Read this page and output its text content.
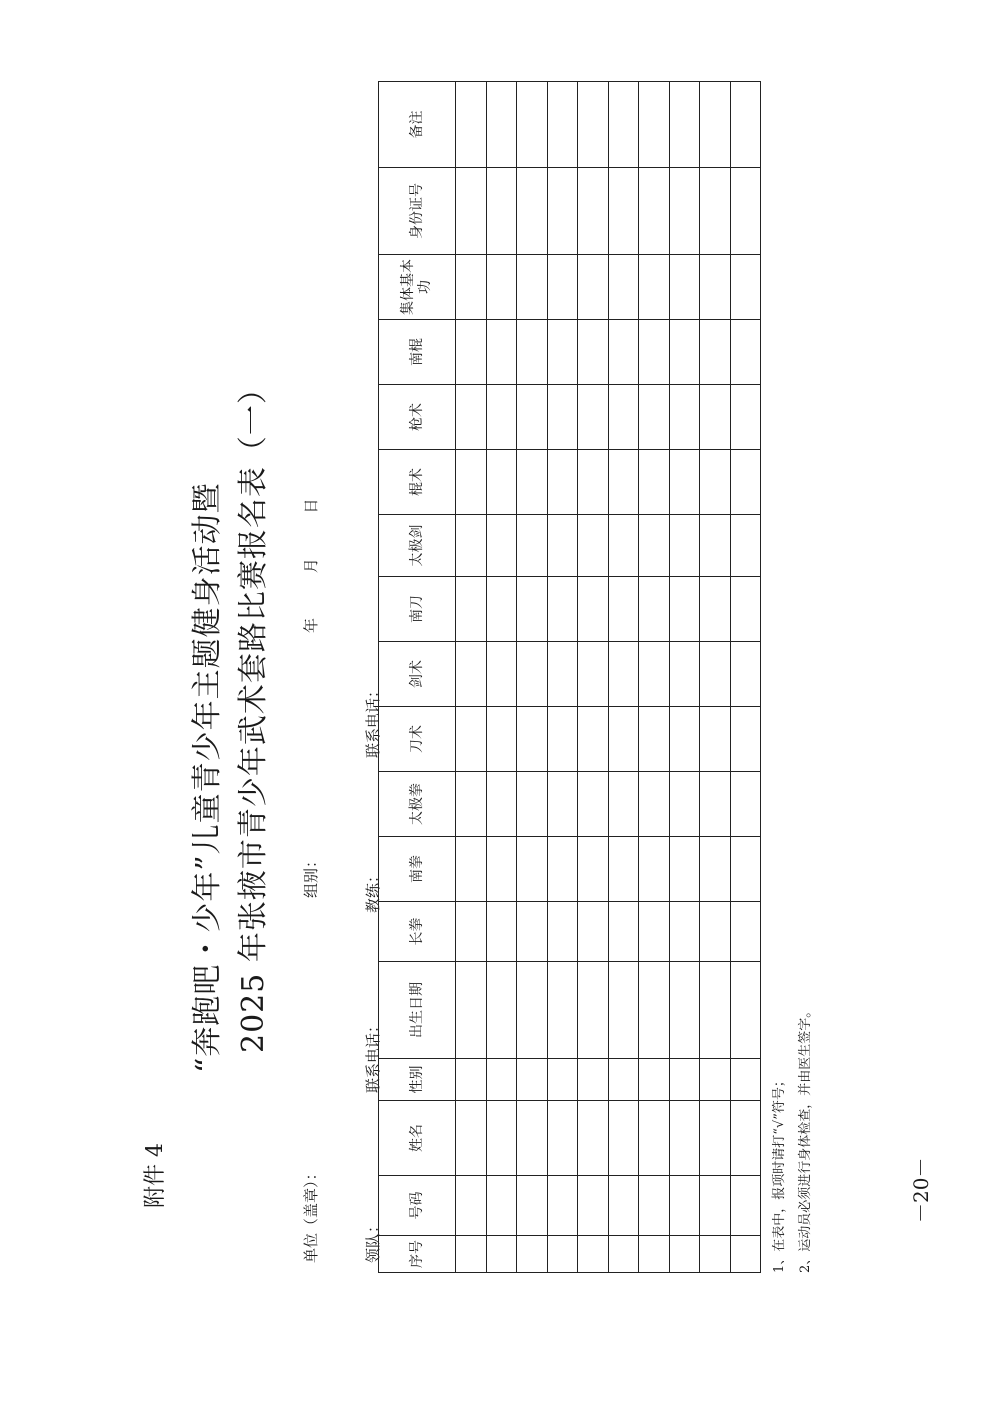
附件 4
“奔跑吧・少年”儿童青少年主题健身活动暨 2025 年张掖市青少年武术套路比赛报名表（一）
单位（盖章）：
组别：
年 月 日
领队：
联系电话：
教练：
联系电话：
序号	号码	姓名	性别	出生日期	长拳	南拳	太极拳	刀术	剑术	南刀	太极剑	棍术	枪术	南棍	集体基本功	身份证号	备注

1、在表中，报项时请打“√”符号； 2、运动员必须进行身体检查，并由医生签字。	－20－
